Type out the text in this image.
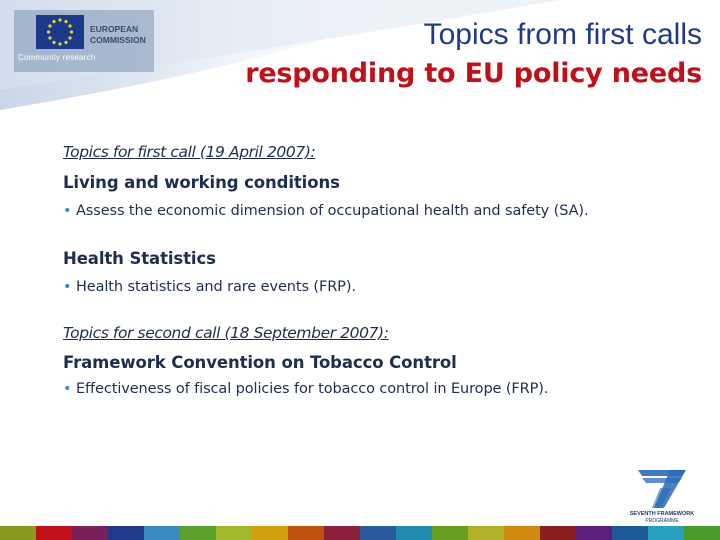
EUROPEAN
COMMISSION
Community research
Topics from first calls
responding to EU policy needs

Topics for first call (19 April 2007):

Living and working conditions

• Assess the economic dimension of occupational health and safety (SA).

Health Statistics

• Health statistics and rare events (FRP).

Topics for second call (18 September 2007):

Framework Convention on Tobacco Control

• Effectiveness of fiscal policies for tobacco control in Europe (FRP).

SEVENTH FRAMEWORK
PROGRAMME
